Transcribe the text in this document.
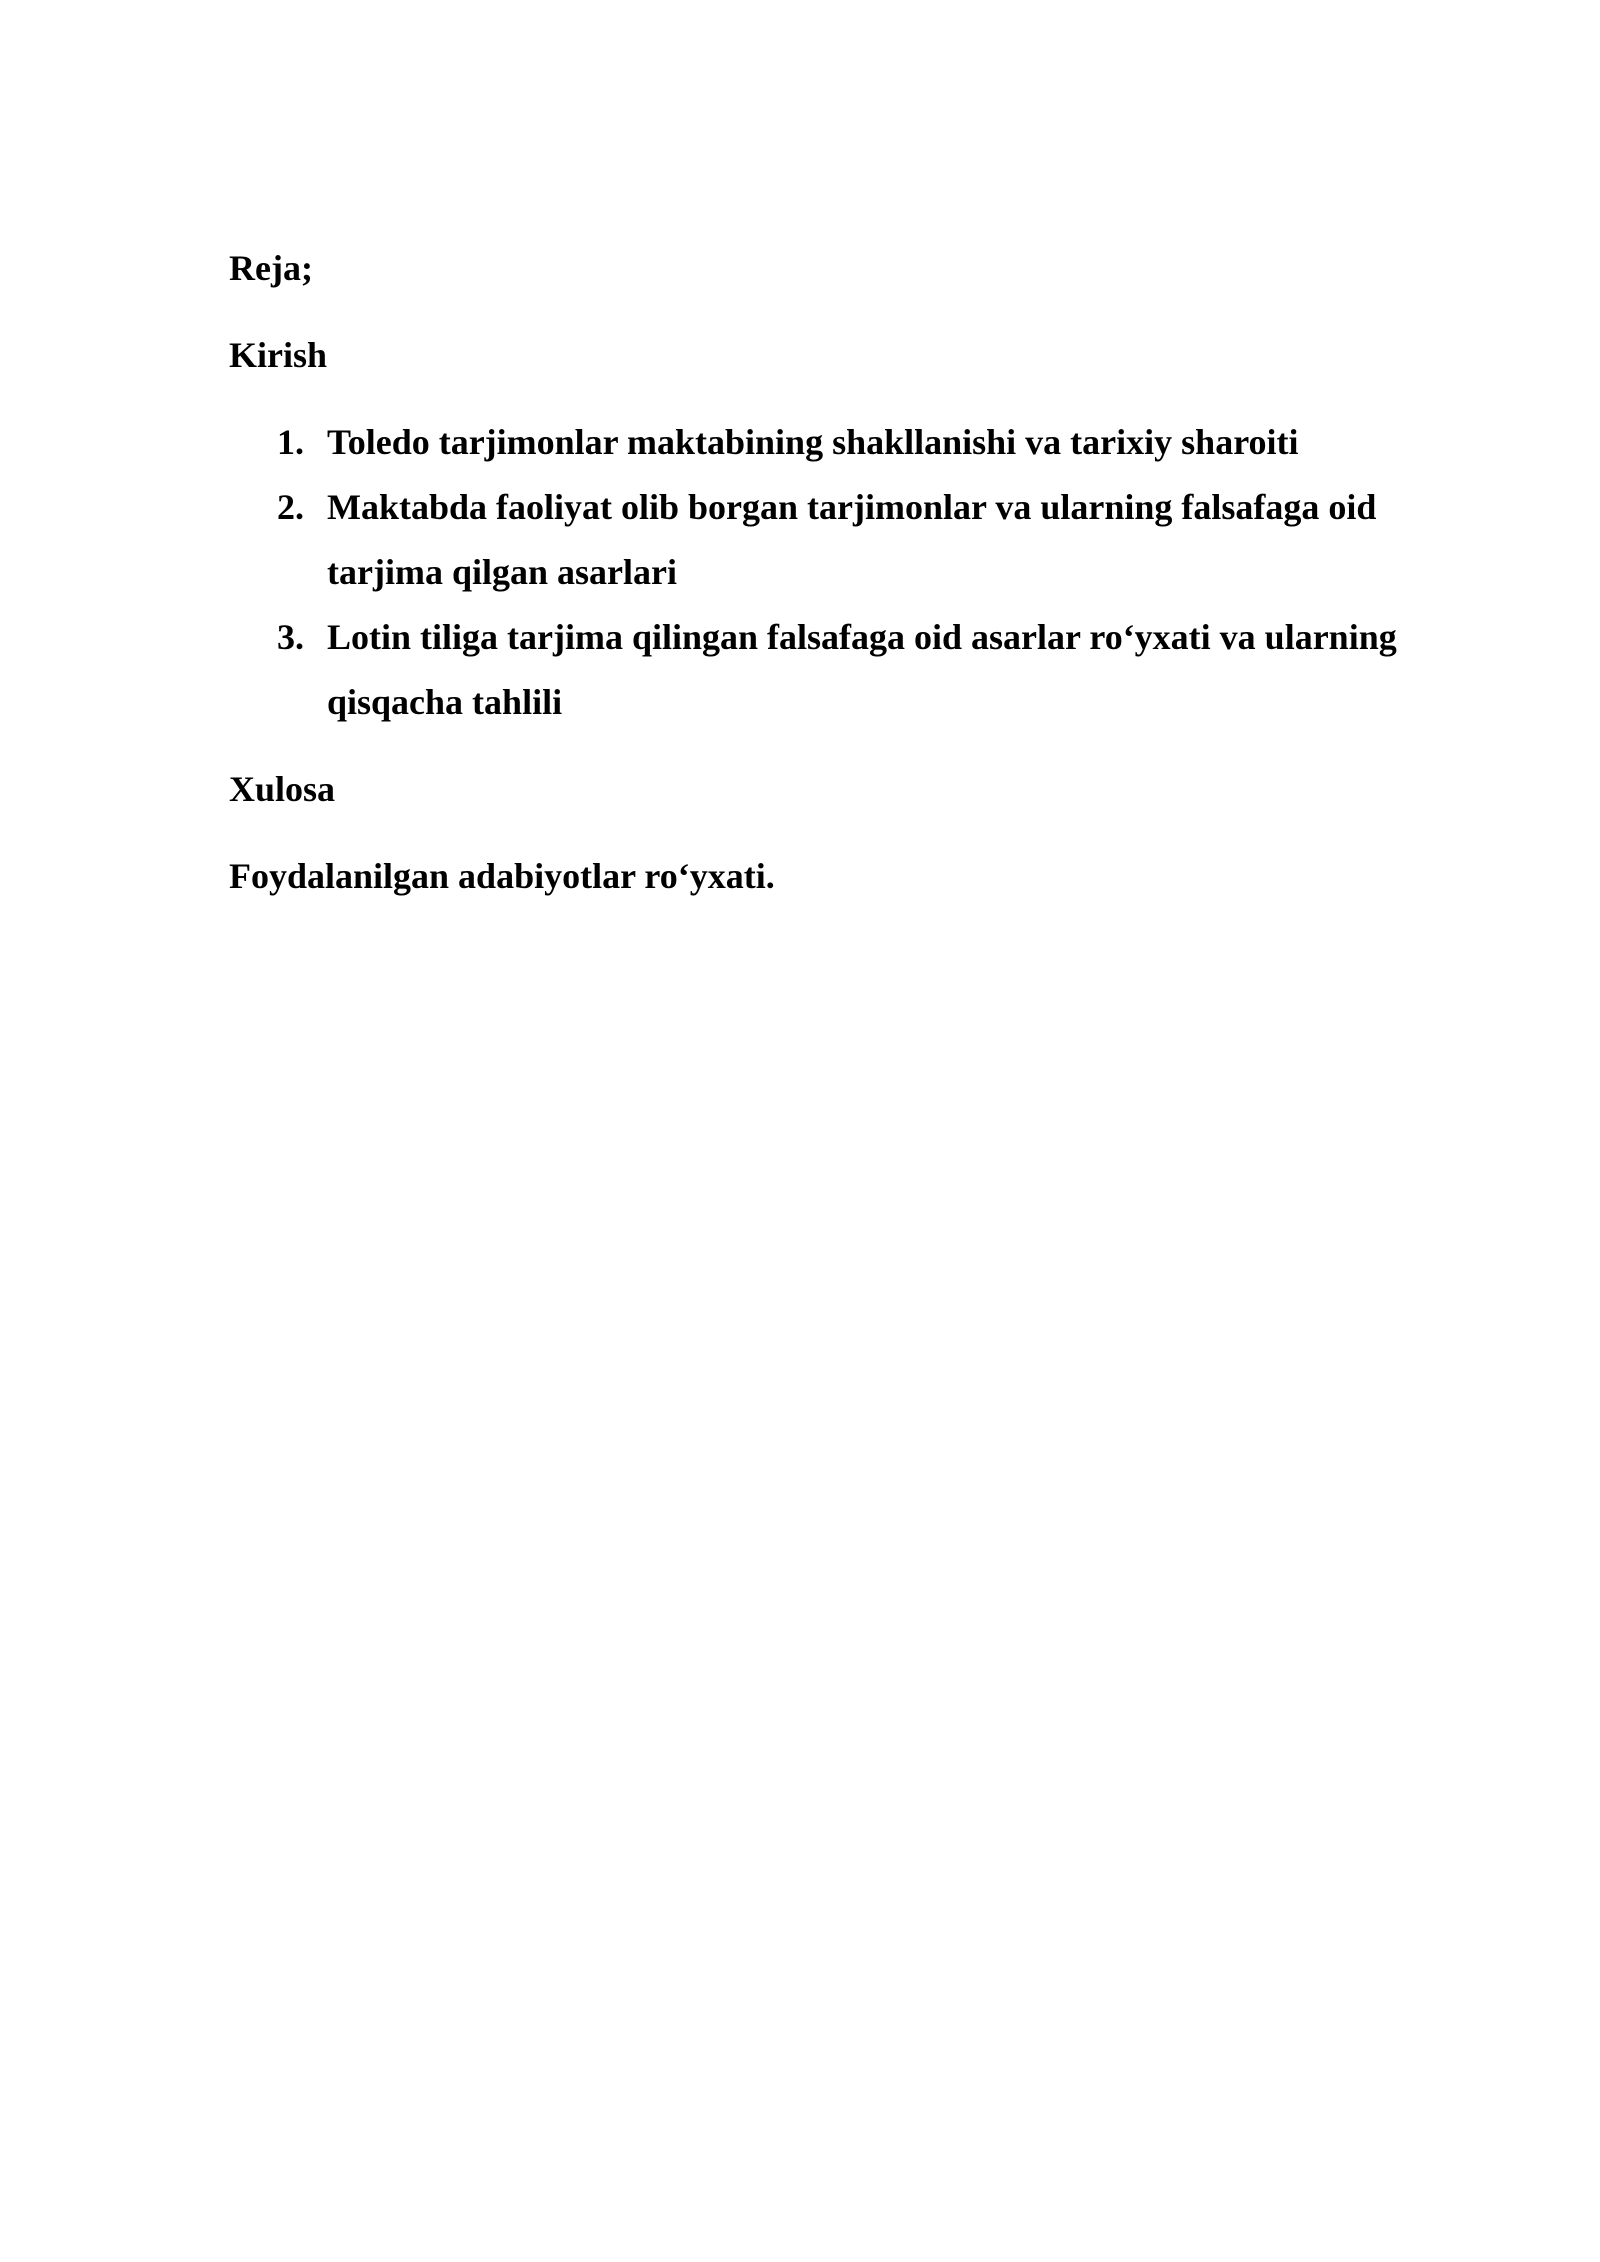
Reja;

Kirish

1. Toledo tarjimonlar maktabining shakllanishi va tarixiy sharoiti
2. Maktabda faoliyat olib borgan tarjimonlar va ularning falsafaga oid
tarjima qilgan asarlari
3. Lotin tiliga tarjima qilingan falsafaga oid asarlar ro‘yxati va ularning
qisqacha tahlili

Xulosa

Foydalanilgan adabiyotlar ro‘yxati.
